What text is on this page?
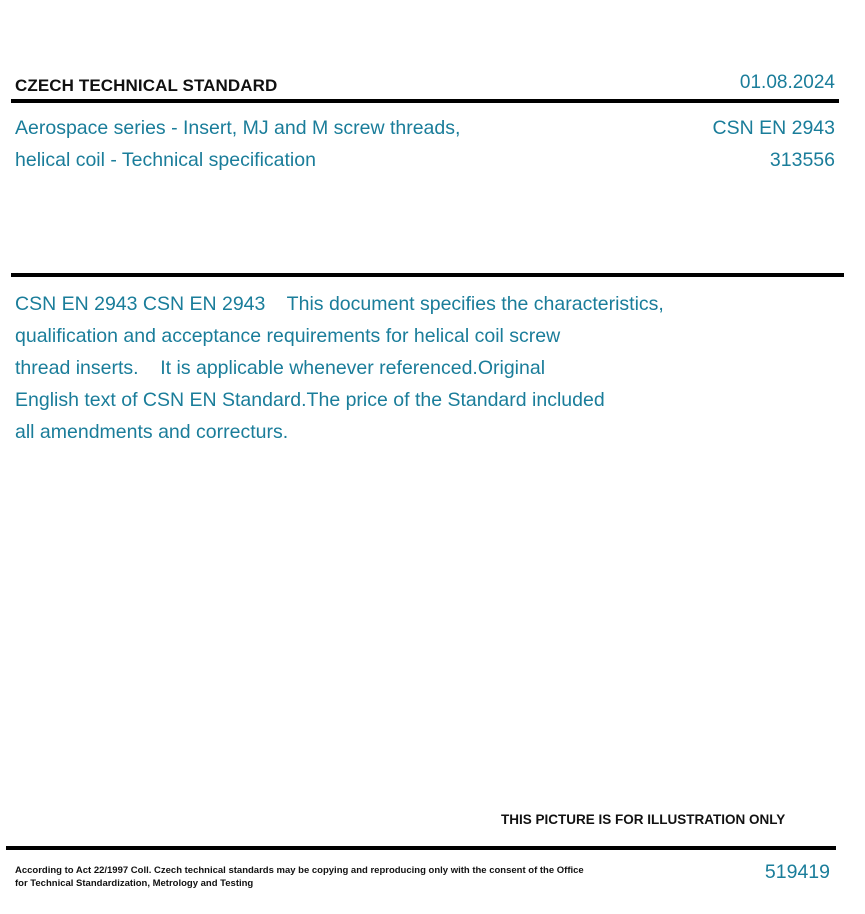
CZECH TECHNICAL STANDARD	01.08.2024
Aerospace series - Insert, MJ and M screw threads,
helical coil - Technical specification
CSN EN 2943
313556
CSN EN 2943 CSN EN 2943    This document specifies the characteristics,
qualification and acceptance requirements for helical coil screw
thread inserts.    It is applicable whenever referenced.Original
English text of CSN EN Standard.The price of the Standard included
all amendments and correcturs.
THIS PICTURE IS FOR ILLUSTRATION ONLY
According to Act 22/1997 Coll. Czech technical standards may be copying and reproducing only with the consent of the Office
for Technical Standardization, Metrology and Testing
519419
